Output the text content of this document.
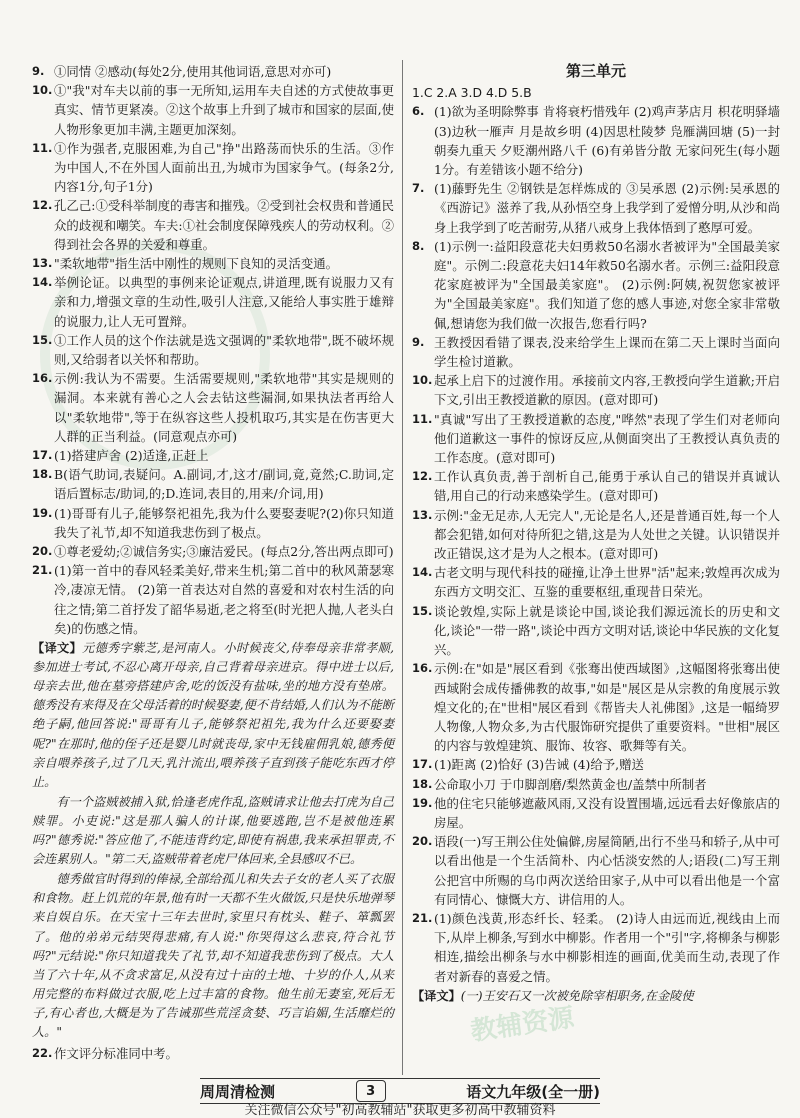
教辅资源
9. ①同情 ②感动(每处2分,使用其他词语,意思对亦可)
10. ①"我"对车夫以前的事一无所知,运用车夫自述的方式使故事更真实、情节更紧凑。②这个故事上升到了城市和国家的层面,使人物形象更加丰满,主题更加深刻。
11. ①作为强者,克服困难,为自己"挣"出路荡而快乐的生活。③作为中国人,不在外国人面前出丑,为城市为国家争气。(每条2分,内容1分,句子1分)
12. 孔乙己:①受科举制度的毒害和摧残。②受到社会权贵和普通民众的歧视和嘲笑。车夫:①社会制度保障残疾人的劳动权利。②得到社会各界的关爱和尊重。
13. "柔软地带"指生活中刚性的规则下良知的灵活变通。
14. 举例论证。以典型的事例来论证观点,讲道理,既有说服力又有亲和力,增强文章的生动性,吸引人注意,又能给人事实胜于雄辩的说服力,让人无可置辩。
15. ①工作人员的这个作法就是选文强调的"柔软地带",既不破坏规则,又给弱者以关怀和帮助。
16. 示例:我认为不需要。生活需要规则,"柔软地带"其实是规则的漏洞。本来就有善心之人会去钻这些漏洞,如果执法者再给人以"柔软地带",等于在纵容这些人投机取巧,其实是在伤害更大人群的正当利益。(同意观点亦可)
17. (1)搭建庐舍 (2)适逢,正赶上
18. B(语气助词,表疑问。A.副词,才,这才/副词,竟,竟然;C.助词,定语后置标志/助词,的;D.连词,表目的,用来/介词,用)
19. (1)哥哥有儿子,能够祭祀祖先,我为什么要娶妻呢?(2)你只知道我失了礼节,却不知道我悲伤到了极点。
20. ①尊老爱幼;②诚信务实;③廉洁爱民。(每点2分,答出两点即可)
21. (1)第一首中的春风轻柔美好,带来生机;第二首中的秋风萧瑟寒冷,凄凉无情。 (2)第一首表达对自然的喜爱和对农村生活的向往之情;第二首抒发了韶华易逝,老之将至(时光把人抛,人老头白矣)的伤感之情。

【译文】元德秀字紫芝,是河南人。小时候丧父,侍奉母亲非常孝顺,参加进士考试,不忍心离开母亲,自己背着母亲进京。得中进士以后,母亲去世,他在墓旁搭建庐舍,吃的饭没有盐味,坐的地方没有垫席。德秀没有来得及在父母活着的时候娶妻,便不肯结婚,人们认为不能断绝子嗣,他回答说:"哥哥有儿子,能够祭祀祖先,我为什么还要娶妻呢?"在那时,他的侄子还是婴儿时就丧母,家中无钱雇佣乳娘,德秀便亲自喂养孩子,过了几天,乳汁流出,喂养孩子直到孩子能吃东西才停止。

有一个盗贼被捕入狱,恰逢老虎作乱,盗贼请求让他去打虎为自己赎罪。小吏说:"这是那人骗人的计谋,他要逃跑,岂不是被他连累吗?"德秀说:"答应他了,不能违背约定,即使有祸患,我来承担罪责,不会连累别人。"第二天,盗贼带着老虎尸体回来,全县感叹不已。

德秀做官时得到的俸禄,全部给孤儿和失去子女的老人买了衣服和食物。赶上饥荒的年景,他有时一天都不生火做饭,只是快乐地弹琴来自娱自乐。在天宝十三年去世时,家里只有枕头、鞋子、箪瓢罢了。他的弟弟元结哭得悲痛,有人说:"你哭得这么悲哀,符合礼节吗?"元结说:"你只知道我失了礼节,却不知道我悲伤到了极点。大人当了六十年,从不贪求富足,从没有过十亩的土地、十岁的仆人,从来用完整的布料做过衣服,吃上过丰富的食物。他生前无妻室,死后无子,有心者也,大概是为了告诫那些荒淫贪婪、巧言谄媚,生活靡烂的人。"

22. 作文评分标准同中考。
第三单元

1.C 2.A 3.D 4.D 5.B

6. (1)欲为圣明除弊事 肯将衰朽惜残年 (2)鸡声茅店月 枳花明驿墙 (3)边秋一雁声 月是故乡明 (4)因思杜陵梦 凫雁满回塘 (5)一封朝奏九重天 夕贬潮州路八千 (6)有弟皆分散 无家问死生(每小题1分。有差错该小题不给分)
7. (1)藤野先生 ②钢铁是怎样炼成的 ③吴承恩 (2)示例:吴承恩的《西游记》滋养了我,从孙悟空身上我学到了爱憎分明,从沙和尚身上我学到了吃苦耐劳,从猪八戒身上我体悟到了憨厚可爱。
8. (1)示例一:益阳段意花夫妇勇救50名溺水者被评为"全国最美家庭"。示例二:段意花夫妇14年救50名溺水者。示例三:益阳段意花家庭被评为"全国最美家庭"。 (2)示例:阿姨,祝贺您家被评为"全国最美家庭"。我们知道了您的感人事迹,对您全家非常敬佩,想请您为我们做一次报告,您看行吗?
9. 王教授因看错了课表,没来给学生上课而在第二天上课时当面向学生检讨道歉。
10. 起承上启下的过渡作用。承接前文内容,王教授向学生道歉;开启下文,引出王教授道歉的原因。(意对即可)
11. "真诚"写出了王教授道歉的态度,"哗然"表现了学生们对老师向他们道歉这一事件的惊讶反应,从侧面突出了王教授认真负责的工作态度。(意对即可)
12. 工作认真负责,善于剖析自己,能勇于承认自己的错误并真诚认错,用自己的行动来感染学生。(意对即可)
13. 示例:"金无足赤,人无完人",无论是名人,还是普通百姓,每一个人都会犯错,如何对待所犯之错,这是为人处世之关键。认识错误并改正错误,这才是为人之根本。(意对即可)
14. 古老文明与现代科技的碰撞,让净土世界"活"起来;敦煌再次成为东西方文明交汇、互鉴的重要枢纽,重现昔日荣光。
15. 谈论敦煌,实际上就是谈论中国,谈论我们源远流长的历史和文化,谈论"一带一路",谈论中西方文明对话,谈论中华民族的文化复兴。
16. 示例:在"如是"展区看到《张骞出使西域图》,这幅图将张骞出使西域附会成传播佛教的故事,"如是"展区是从宗教的角度展示敦煌文化的;在"世相"展区看到《帮皆夫人礼佛图》,这是一幅绮罗人物像,人物众多,为古代服饰研究提供了重要资料。"世相"展区的内容与敦煌建筑、服饰、妆容、歌舞等有关。
17. (1)距离 (2)恰好 (3)告诫 (4)给予,赠送
18. 公命取小刀 于巾脚剖磨/梨然黄金也/盖禁中所制者
19. 他的住宅只能够遮蔽风雨,又没有设置围墙,远远看去好像旅店的房屋。
20. 语段(一)写王荆公住处偏僻,房屋简陋,出行不坐马和轿子,从中可以看出他是一个生活简朴、内心恬淡安然的人;语段(二)写王荆公把宫中所赐的乌巾两次送给田家子,从中可以看出他是一个富有同情心、慷慨大方、讲信用的人。
21. (1)颜色浅黄,形态纤长、轻柔。 (2)诗人由远而近,视线由上而下,从岸上柳条,写到水中柳影。作者用一个"引"字,将柳条与柳影相连,描绘出柳条与水中柳影相连的画面,优美而生动,表现了作者对新春的喜爱之情。

【译文】(一)王安石又一次被免除宰相职务,在金陵使

周周清检测	3	语文九年级(全一册)
关注微信公众号"初高教辅站"获取更多初高中教辅资料
